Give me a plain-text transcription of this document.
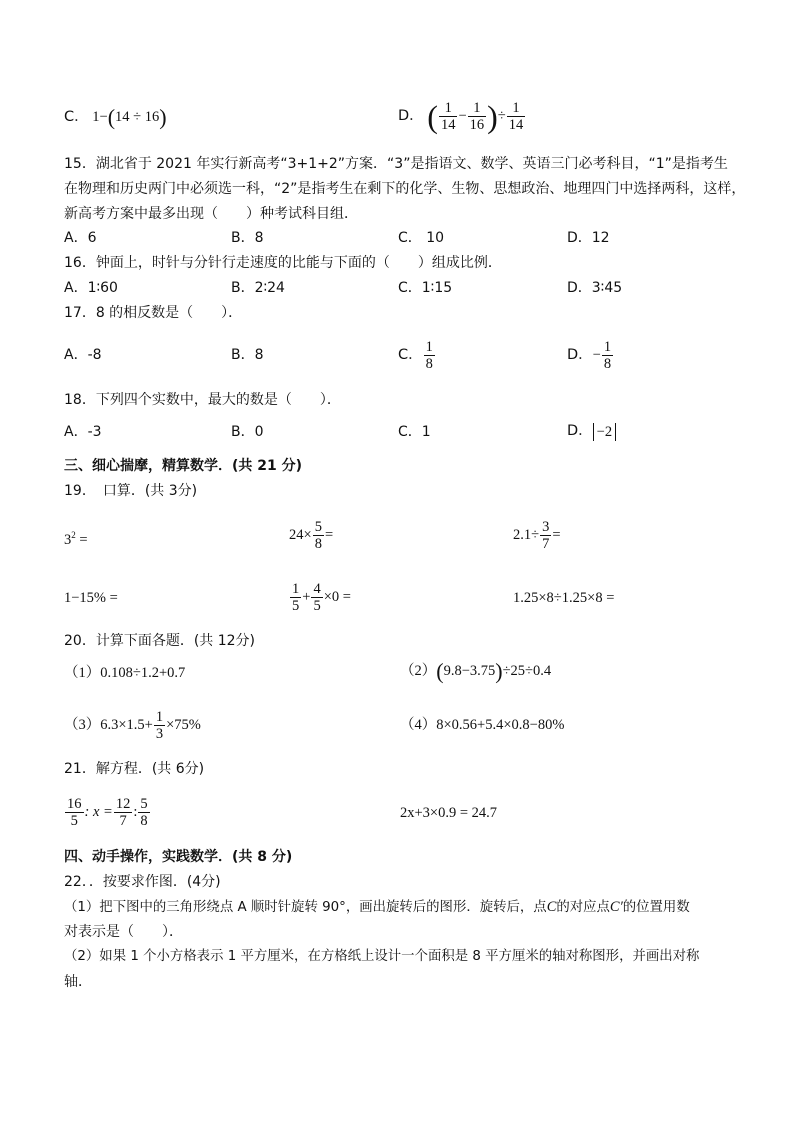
C． 1−(14 ÷ 16)	D． ( $\frac{1}{14} - \frac{1}{16}$ )÷ $\frac{1}{14}$
15．湖北省于 2021 年实行新高考“3+1+2”方案．“3”是指语文、数学、英语三门必考科目，“1”是指考生
在物理和历史两门中必须选一科，“2”是指考生在剩下的化学、生物、思想政治、地理四门中选择两科，这样，
新高考方案中最多出现（　　）种考试科目组．
A．6	B．8	C． 10	D．12
16．钟面上，时针与分针行走速度的比能与下面的（　　）组成比例．
A．1∶60	B．2∶24	C．1∶15	D．3∶45
17．8 的相反数是（　　）．
A．-8	B．8	C． $\frac{1}{8}$	D．− $\frac{1}{8}$
18．下列四个实数中，最大的数是（　　）．
A．-3	B．0	C．1	D． −2
三、细心揣摩，精算数学．(共 21 分)
19．　口算．(共 3分)
$3^2$ =	$24\times \frac{5}{8}$ =	$2.1\div \frac{3}{7}$ =
1−15% =	$\frac{1}{5} + \frac{4}{5} \times 0$ =	1.25×8÷1.25×8 =
20．计算下面各题．(共 12分)
（1）0.108÷1.2+0.7	（2）(9.8−3.75)÷25÷0.4
$(3)6.3\times 1.5+ \frac{1}{3} \times 75\%$	（4）8×0.56+5.4×0.8−80%
21．解方程．(共 6分)
$\frac{16}{5}$ : $x = \frac{12}{7}$ : $\frac{5}{8}$	2x+3×0.9 = 24.7
四、动手操作，实践数学．(共 8 分)
22．．按要求作图．(4分)
（1）把下图中的三角形绕点 A 顺时针旋转 90°，画出旋转后的图形．旋转后，点C的对应点C′的位置用数
对表示是（　　）．
（2）如果 1 个小方格表示 1 平方厘米，在方格纸上设计一个面积是 8 平方厘米的轴对称图形，并画出对称
轴．
